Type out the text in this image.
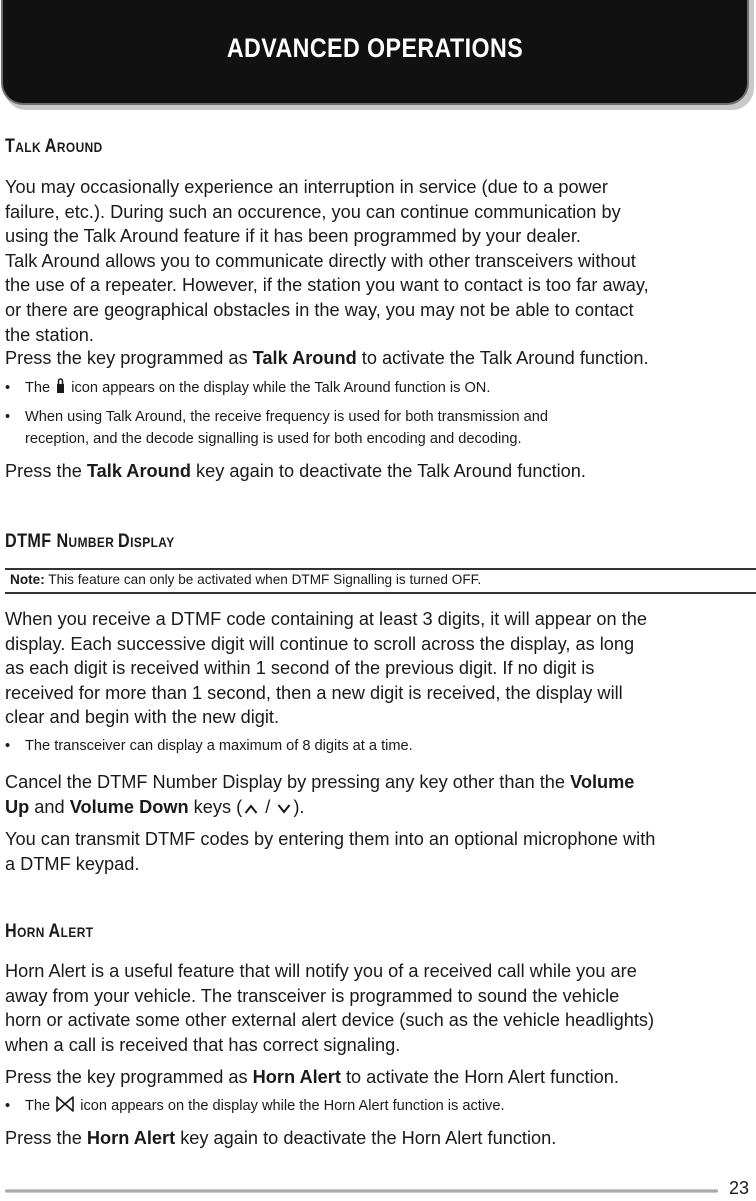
ADVANCED OPERATIONS
TALK AROUND
You may occasionally experience an interruption in service (due to a power
failure, etc.). During such an occurence, you can continue communication by
using the Talk Around feature if it has been programmed by your dealer.
Talk Around allows you to communicate directly with other transceivers without
the use of a repeater. However, if the station you want to contact is too far away,
or there are geographical obstacles in the way, you may not be able to contact
the station.
Press the key programmed as Talk Around to activate the Talk Around function.
• The  icon appears on the display while the Talk Around function is ON.
• When using Talk Around, the receive frequency is used for both transmission and
reception, and the decode signalling is used for both encoding and decoding.
Press the Talk Around key again to deactivate the Talk Around function.
DTMF NUMBER DISPLAY
Note: This feature can only be activated when DTMF Signalling is turned OFF.
When you receive a DTMF code containing at least 3 digits, it will appear on the
display. Each successive digit will continue to scroll across the display, as long
as each digit is received within 1 second of the previous digit. If no digit is
received for more than 1 second, then a new digit is received, the display will
clear and begin with the new digit.
• The transceiver can display a maximum of 8 digits at a time.
Cancel the DTMF Number Display by pressing any key other than the Volume
Up and Volume Down keys ( / ).
You can transmit DTMF codes by entering them into an optional microphone with
a DTMF keypad.
HORN ALERT
Horn Alert is a useful feature that will notify you of a received call while you are
away from your vehicle. The transceiver is programmed to sound the vehicle
horn or activate some other external alert device (such as the vehicle headlights)
when a call is received that has correct signaling.
Press the key programmed as Horn Alert to activate the Horn Alert function.
• The  icon appears on the display while the Horn Alert function is active.
Press the Horn Alert key again to deactivate the Horn Alert function.
23
